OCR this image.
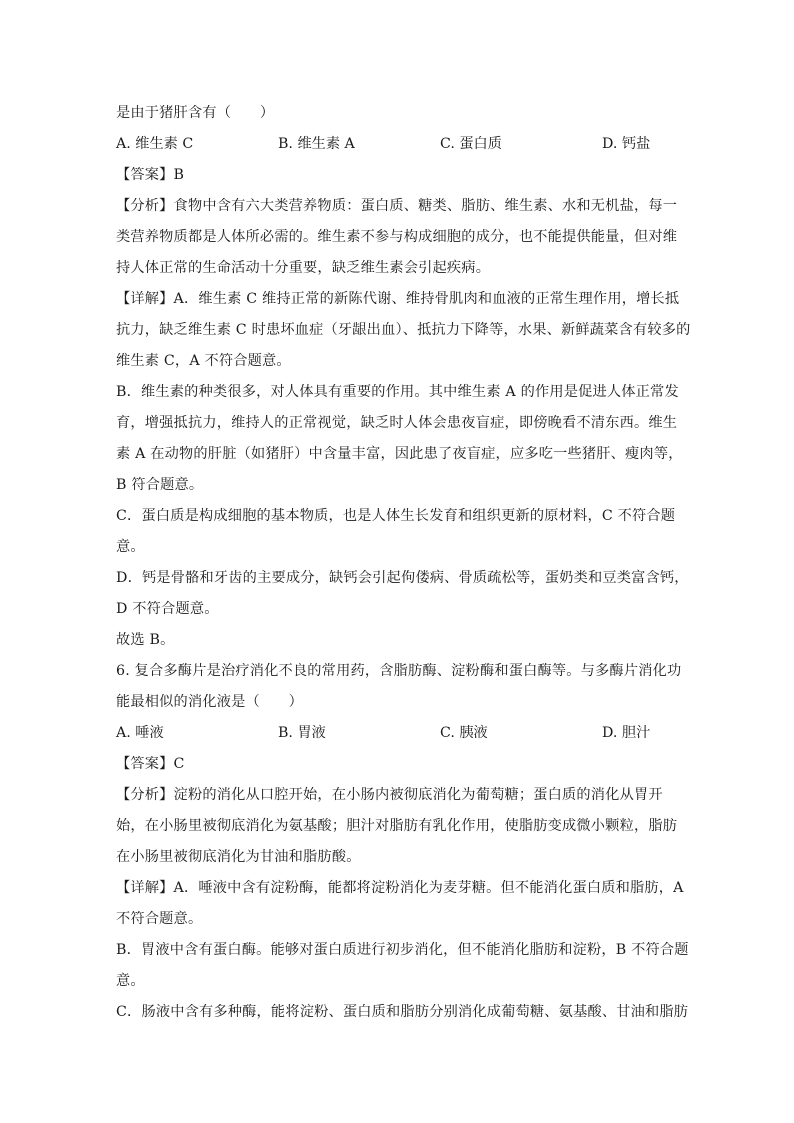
是由于猪肝含有（　　）
A. 维生素 C	B. 维生素 A	C. 蛋白质	D. 钙盐
【答案】B
【分析】食物中含有六大类营养物质：蛋白质、糖类、脂肪、维生素、水和无机盐，每一
类营养物质都是人体所必需的。维生素不参与构成细胞的成分，也不能提供能量，但对维
持人体正常的生命活动十分重要，缺乏维生素会引起疾病。
【详解】A．维生素 C 维持正常的新陈代谢、维持骨肌肉和血液的正常生理作用，增长抵
抗力，缺乏维生素 C 时患坏血症（牙龈出血）、抵抗力下降等，水果、新鲜蔬菜含有较多的
维生素 C，A 不符合题意。
B．维生素的种类很多，对人体具有重要的作用。其中维生素 A 的作用是促进人体正常发
育，增强抵抗力，维持人的正常视觉，缺乏时人体会患夜盲症，即傍晚看不清东西。维生
素 A 在动物的肝脏（如猪肝）中含量丰富，因此患了夜盲症，应多吃一些猪肝、瘦肉等，
B 符合题意。
C．蛋白质是构成细胞的基本物质，也是人体生长发育和组织更新的原材料，C 不符合题
意。
D．钙是骨骼和牙齿的主要成分，缺钙会引起佝偻病、骨质疏松等，蛋奶类和豆类富含钙，
D 不符合题意。
故选 B。
6. 复合多酶片是治疗消化不良的常用药，含脂肪酶、淀粉酶和蛋白酶等。与多酶片消化功
能最相似的消化液是（　　）
A. 唾液	B. 胃液	C. 胰液	D. 胆汁
【答案】C
【分析】淀粉的消化从口腔开始，在小肠内被彻底消化为葡萄糖；蛋白质的消化从胃开
始，在小肠里被彻底消化为氨基酸；胆汁对脂肪有乳化作用，使脂肪变成微小颗粒，脂肪
在小肠里被彻底消化为甘油和脂肪酸。
【详解】A．唾液中含有淀粉酶，能都将淀粉消化为麦芽糖。但不能消化蛋白质和脂肪，A
不符合题意。
B．胃液中含有蛋白酶。能够对蛋白质进行初步消化，但不能消化脂肪和淀粉，B 不符合题
意。
C．肠液中含有多种酶，能将淀粉、蛋白质和脂肪分别消化成葡萄糖、氨基酸、甘油和脂肪
